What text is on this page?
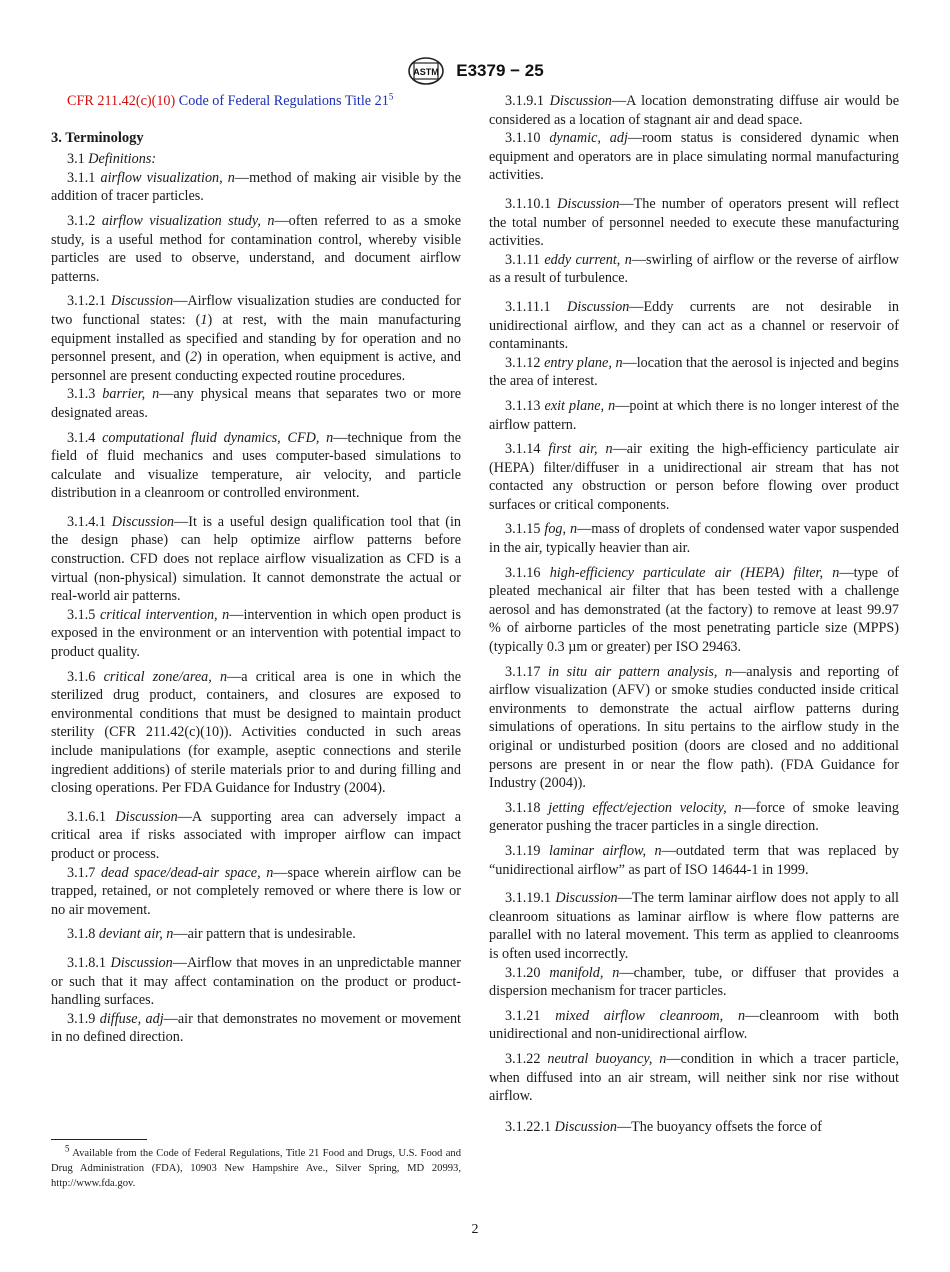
ASTM E3379 − 25

CFR 211.42(c)(10) Code of Federal Regulations Title $21^5$

3. Terminology

3.1 Definitions:

3.1.1 airflow visualization, n—method of making air visible by the addition of tracer particles.

3.1.2 airflow visualization study, n—often referred to as a smoke study, is a useful method for contamination control, whereby visible particles are used to observe, understand, and document airflow patterns.

3.1.2.1 Discussion—Airflow visualization studies are conducted for two functional states: (1) at rest, with the main manufacturing equipment installed as specified and standing by for operation and no personnel present, and (2) in operation, when equipment is active, and personnel are present conducting expected routine procedures.

3.1.3 barrier, n—any physical means that separates two or more designated areas.

3.1.4 computational fluid dynamics, CFD, n—technique from the field of fluid mechanics and uses computer-based simulations to calculate and visualize temperature, air velocity, and particle distribution in a cleanroom or controlled environment.

3.1.4.1 Discussion—It is a useful design qualification tool that (in the design phase) can help optimize airflow patterns before construction. CFD does not replace airflow visualization as CFD is a virtual (non-physical) simulation. It cannot demonstrate the actual or real-world air patterns.

3.1.5 critical intervention, n—intervention in which open product is exposed in the environment or an intervention with potential impact to product quality.

3.1.6 critical zone/area, n—a critical area is one in which the sterilized drug product, containers, and closures are exposed to environmental conditions that must be designed to maintain product sterility (CFR 211.42(c)(10)). Activities conducted in such areas include manipulations (for example, aseptic connections and sterile ingredient additions) of sterile materials prior to and during filling and closing operations. Per FDA Guidance for Industry (2004).

3.1.6.1 Discussion—A supporting area can adversely impact a critical area if risks associated with improper airflow can impact product or process.

3.1.7 dead space/dead-air space, n—space wherein airflow can be trapped, retained, or not completely removed or where there is low or no air movement.

3.1.8 deviant air, n—air pattern that is undesirable.

3.1.8.1 Discussion—Airflow that moves in an unpredictable manner or such that it may affect contamination on the product or product-handling surfaces.

3.1.9 diffuse, adj—air that demonstrates no movement or movement in no defined direction.

$^5$ Available from the Code of Federal Regulations, Title 21 Food and Drugs, U.S. Food and Drug Administration (FDA), 10903 New Hampshire Ave., Silver Spring, MD 20993, http://www.fda.gov.

3.1.9.1 Discussion—A location demonstrating diffuse air would be considered as a location of stagnant air and dead space.

3.1.10 dynamic, adj—room status is considered dynamic when equipment and operators are in place simulating normal manufacturing activities.

3.1.10.1 Discussion—The number of operators present will reflect the total number of personnel needed to execute these manufacturing activities.

3.1.11 eddy current, n—swirling of airflow or the reverse of airflow as a result of turbulence.

3.1.11.1 Discussion—Eddy currents are not desirable in unidirectional airflow, and they can act as a channel or reservoir of contaminants.

3.1.12 entry plane, n—location that the aerosol is injected and begins the area of interest.

3.1.13 exit plane, n—point at which there is no longer interest of the airflow pattern.

3.1.14 first air, n—air exiting the high-efficiency particulate air (HEPA) filter/diffuser in a unidirectional air stream that has not contacted any obstruction or person before flowing over product surfaces or critical components.

3.1.15 fog, n—mass of droplets of condensed water vapor suspended in the air, typically heavier than air.

3.1.16 high-efficiency particulate air (HEPA) filter, n—type of pleated mechanical air filter that has been tested with a challenge aerosol and has demonstrated (at the factory) to remove at least 99.97 % of airborne particles of the most penetrating particle size (MPPS) (typically 0.3 µm or greater) per ISO 29463.

3.1.17 in situ air pattern analysis, n—analysis and reporting of airflow visualization (AFV) or smoke studies conducted inside critical environments to demonstrate the actual airflow patterns during simulations of operations. In situ pertains to the airflow study in the original or undisturbed position (doors are closed and no additional persons are present in or near the flow path). (FDA Guidance for Industry (2004)).

3.1.18 jetting effect/ejection velocity, n—force of smoke leaving generator pushing the tracer particles in a single direction.

3.1.19 laminar airflow, n—outdated term that was replaced by “unidirectional airflow” as part of ISO 14644-1 in 1999.

3.1.19.1 Discussion—The term laminar airflow does not apply to all cleanroom situations as laminar airflow is where flow patterns are parallel with no lateral movement. This term as applied to cleanrooms is often used incorrectly.

3.1.20 manifold, n—chamber, tube, or diffuser that provides a dispersion mechanism for tracer particles.

3.1.21 mixed airflow cleanroom, n—cleanroom with both unidirectional and non-unidirectional airflow.

3.1.22 neutral buoyancy, n—condition in which a tracer particle, when diffused into an air stream, will neither sink nor rise without airflow.

3.1.22.1 Discussion—The buoyancy offsets the force of

2
